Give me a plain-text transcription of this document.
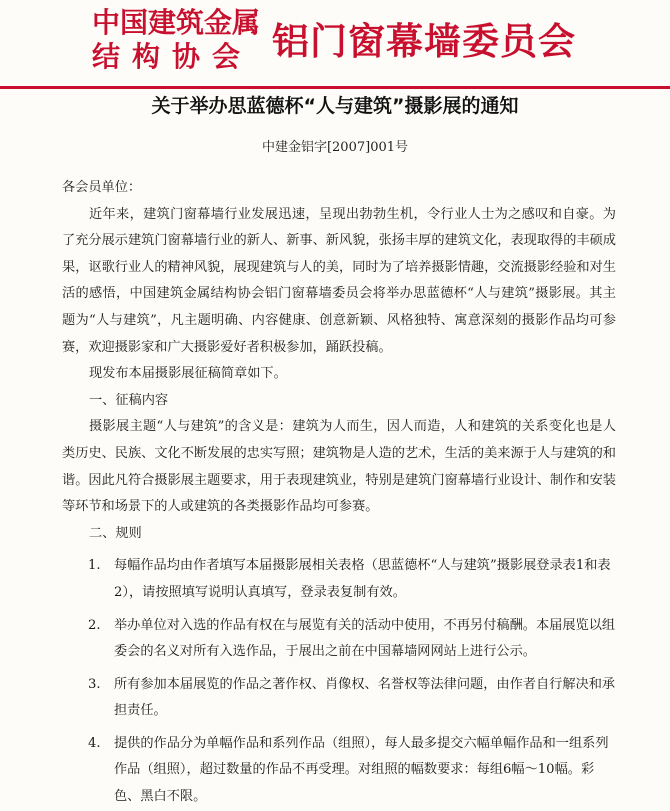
中国建筑金属
结构协会 铝门窗幕墙委员会
关于举办思蓝德杯“人与建筑”摄影展的通知
中建金铝字[2007]001号

各会员单位：

近年来，建筑门窗幕墙行业发展迅速，呈现出勃勃生机，令行业人士为之感叹和自豪。为了充分展示建筑门窗幕墙行业的新人、新事、新风貌，张扬丰厚的建筑文化，表现取得的丰硕成果，讴歌行业人的精神风貌，展现建筑与人的美，同时为了培养摄影情趣，交流摄影经验和对生活的感悟，中国建筑金属结构协会铝门窗幕墙委员会将举办思蓝德杯“人与建筑”摄影展。其主题为“人与建筑”，凡主题明确、内容健康、创意新颖、风格独特、寓意深刻的摄影作品均可参赛，欢迎摄影家和广大摄影爱好者积极参加，踊跃投稿。

现发布本届摄影展征稿简章如下。

一、征稿内容

摄影展主题“人与建筑”的含义是：建筑为人而生，因人而造，人和建筑的关系变化也是人类历史、民族、文化不断发展的忠实写照；建筑物是人造的艺术，生活的美来源于人与建筑的和谐。因此凡符合摄影展主题要求，用于表现建筑业，特别是建筑门窗幕墙行业设计、制作和安装等环节和场景下的人或建筑的各类摄影作品均可参赛。

二、规则

1. 每幅作品均由作者填写本届摄影展相关表格（思蓝德杯“人与建筑”摄影展登录表1和表2），请按照填写说明认真填写，登录表复制有效。
2. 举办单位对入选的作品有权在与展览有关的活动中使用，不再另付稿酬。本届展览以组委会的名义对所有入选作品，于展出之前在中国幕墙网网站上进行公示。
3. 所有参加本届展览的作品之著作权、肖像权、名誉权等法律问题，由作者自行解决和承担责任。
4. 提供的作品分为单幅作品和系列作品（组照），每人最多提交六幅单幅作品和一组系列作品（组照），超过数量的作品不再受理。对组照的幅数要求：每组6幅～10幅。彩色、黑白不限。
